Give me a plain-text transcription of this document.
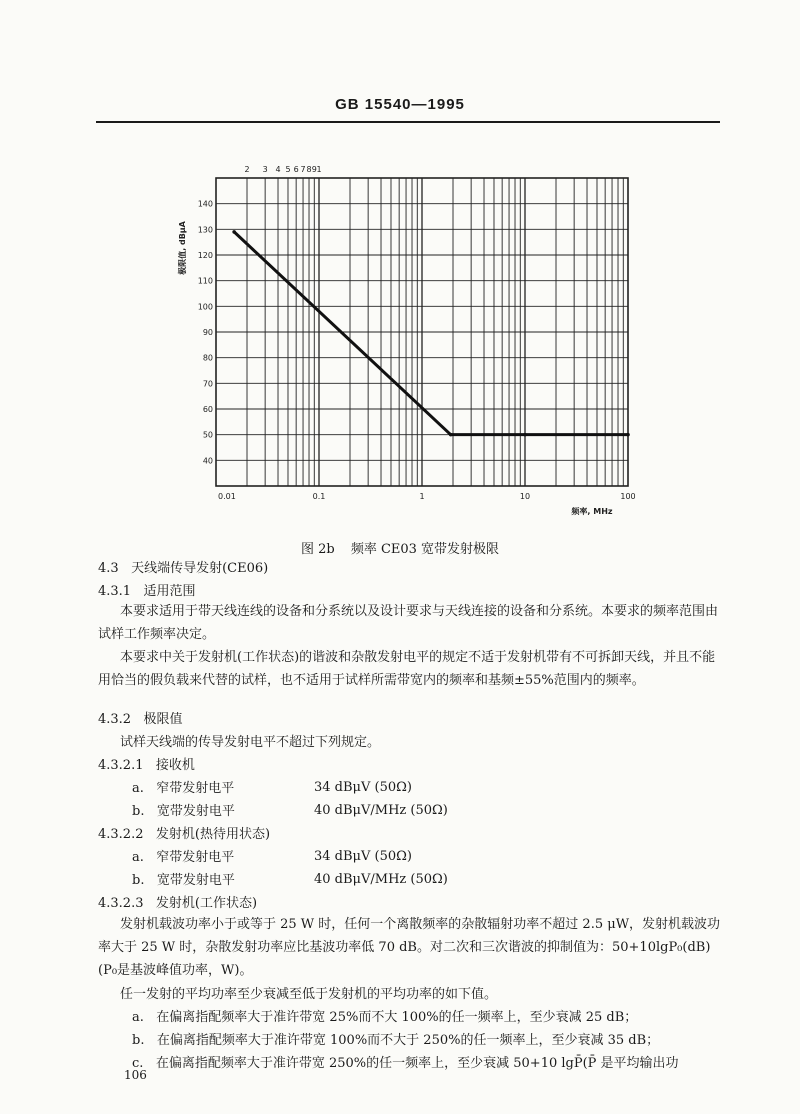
GB 15540—1995
40
50
60
70
80
90
100
110
120
130
140
0.01	0.1	1	10	100
2 3 4 5 6 7 8 9 1
极限值, dBμA
频率, MHz
图 2b 频率 CE03 宽带发射极限
4.3 天线端传导发射(CE06)
4.3.1 适用范围
本要求适用于带天线连线的设备和分系统以及设计要求与天线连接的设备和分系统。本要求的频率范围由试样工作频率决定。
本要求中关于发射机(工作状态)的谐波和杂散发射电平的规定不适于发射机带有不可拆卸天线，并且不能用恰当的假负载来代替的试样，也不适用于试样所需带宽内的频率和基频±55%范围内的频率。
4.3.2 极限值
试样天线端的传导发射电平不超过下列规定。
4.3.2.1 接收机
a. 窄带发射电平	34 dBμV (50Ω)
b. 宽带发射电平	40 dBμV/MHz (50Ω)
4.3.2.2 发射机(热待用状态)
a. 窄带发射电平	34 dBμV (50Ω)
b. 宽带发射电平	40 dBμV/MHz (50Ω)
4.3.2.3 发射机(工作状态)
发射机载波功率小于或等于 25 W 时，任何一个离散频率的杂散辐射功率不超过 2.5 μW，发射机载波功率大于 25 W 时，杂散发射功率应比基波功率低 70 dB。对二次和三次谐波的抑制值为：50+10lgP₀(dB)(P₀是基波峰值功率，W)。
任一发射的平均功率至少衰减至低于发射机的平均功率的如下值。
a. 在偏离指配频率大于准许带宽 25%而不大 100%的任一频率上，至少衰减 25 dB；
b. 在偏离指配频率大于准许带宽 100%而不大于 250%的任一频率上，至少衰减 35 dB；
c. 在偏离指配频率大于准许带宽 250%的任一频率上，至少衰减 50+10 lgP̄(P̄ 是平均输出功
106
